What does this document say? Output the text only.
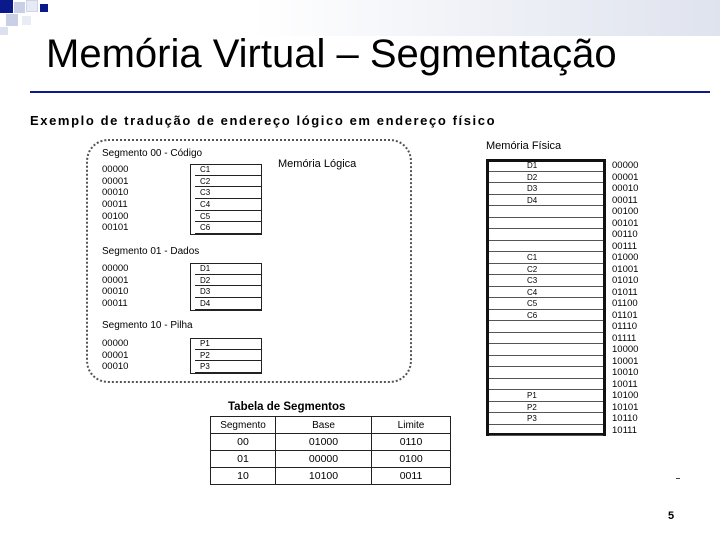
Memória Virtual – Segmentação
Exemplo de tradução de endereço lógico em endereço físico
Memória Lógica
Segmento 00 - Código
00000	C1
00001	C2
00010	C3
00011	C4
00100	C5
00101	C6
Segmento 01 - Dados
00000	D1
00001	D2
00010	D3
00011	D4
Segmento 10 - Pilha
00000	P1
00001	P2
00010	P3
Memória Física
D1	00000
D2	00001
D3	00010
D4	00011
00100
00101
00110
00111
C1	01000
C2	01001
C3	01010
C4	01011
C5	01100
C6	01101
01110
01111
10000
10001
10010
10011
P1	10100
P2	10101
P3	10110
10111
Tabela de Segmentos
Segmento	Base	Limite
00	01000	0110
01	00000	0100
10	10100	0011
5
